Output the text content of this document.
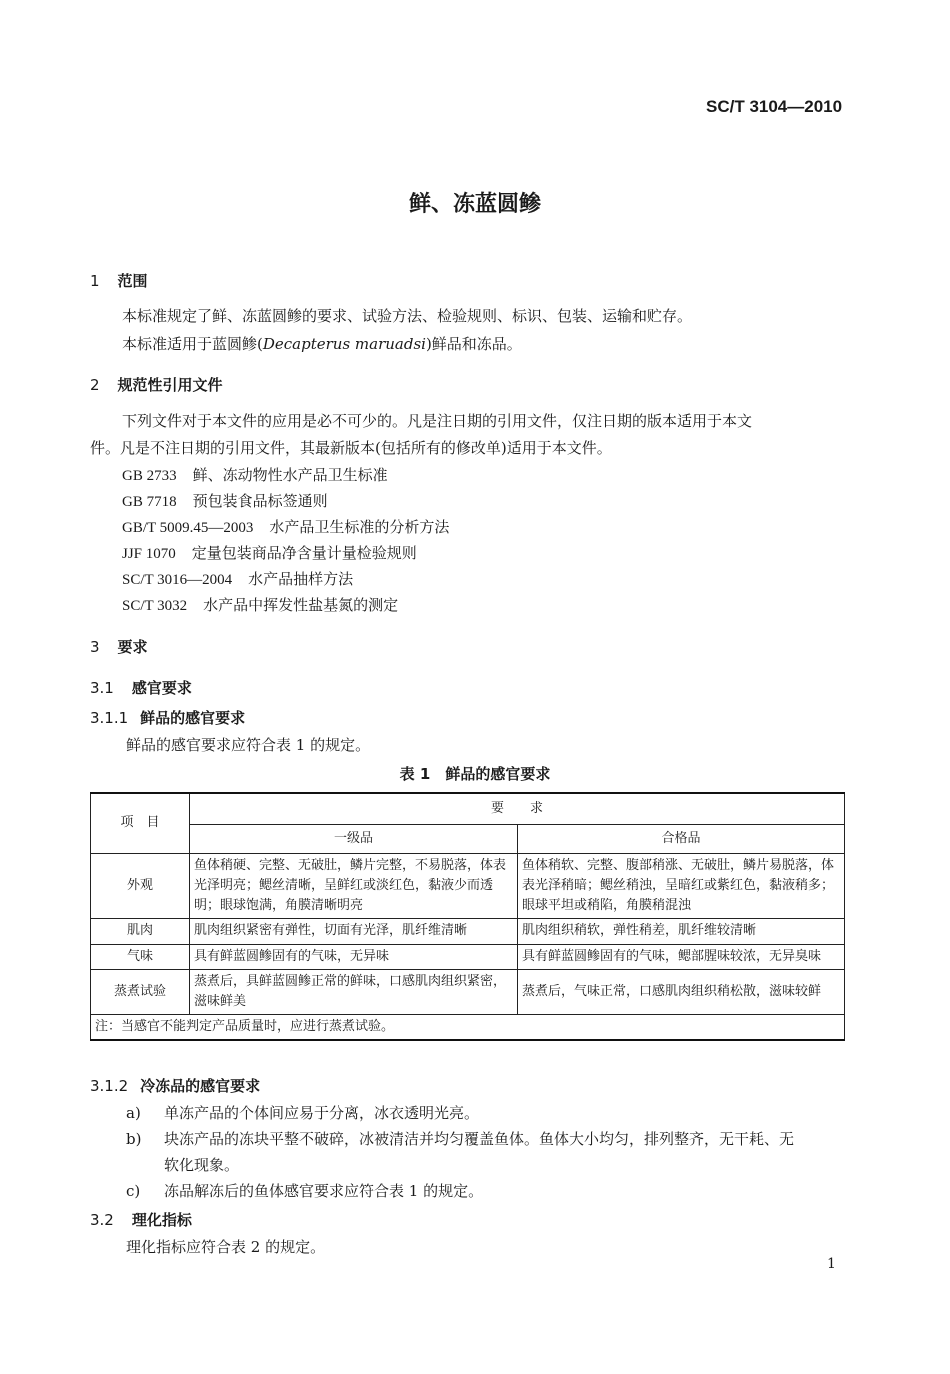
SC/T 3104—2010
鲜、冻蓝圆鲹
1 范围
本标准规定了鲜、冻蓝圆鲹的要求、试验方法、检验规则、标识、包装、运输和贮存。
本标准适用于蓝圆鲹(Decapterus maruadsi)鲜品和冻品。
2 规范性引用文件
下列文件对于本文件的应用是必不可少的。凡是注日期的引用文件，仅注日期的版本适用于本文
件。凡是不注日期的引用文件，其最新版本(包括所有的修改单)适用于本文件。
GB 2733 鲜、冻动物性水产品卫生标准
GB 7718 预包装食品标签通则
GB/T 5009.45—2003 水产品卫生标准的分析方法
JJF 1070 定量包装商品净含量计量检验规则
SC/T 3016—2004 水产品抽样方法
SC/T 3032 水产品中挥发性盐基氮的测定
3 要求
3.1 感官要求
3.1.1 鲜品的感官要求
鲜品的感官要求应符合表 1 的规定。
表 1　鲜品的感官要求
项　目	要　　求	
	一级品	合格品
外观	鱼体稍硬、完整、无破肚，鳞片完整，不易脱落，体表光泽明亮；鳃丝清晰，呈鲜红或淡红色，黏液少而透明；眼球饱满，角膜清晰明亮	鱼体稍软、完整、腹部稍涨、无破肚，鳞片易脱落，体表光泽稍暗；鳃丝稍浊，呈暗红或紫红色，黏液稍多；眼球平坦或稍陷，角膜稍混浊
肌肉	肌肉组织紧密有弹性，切面有光泽，肌纤维清晰	肌肉组织稍软，弹性稍差，肌纤维较清晰
气味	具有鲜蓝圆鲹固有的气味，无异味	具有鲜蓝圆鲹固有的气味，鳃部腥味较浓，无异臭味
蒸煮试验	蒸煮后，具鲜蓝圆鲹正常的鲜味，口感肌肉组织紧密，滋味鲜美	蒸煮后，气味正常，口感肌肉组织稍松散，滋味较鲜
注：当感官不能判定产品质量时，应进行蒸煮试验。		
3.1.2 冷冻品的感官要求
a) 单冻产品的个体间应易于分离，冰衣透明光亮。
b) 块冻产品的冻块平整不破碎，冰被清洁并均匀覆盖鱼体。鱼体大小均匀，排列整齐，无干耗、无
软化现象。
c) 冻品解冻后的鱼体感官要求应符合表 1 的规定。
3.2 理化指标
理化指标应符合表 2 的规定。
1
